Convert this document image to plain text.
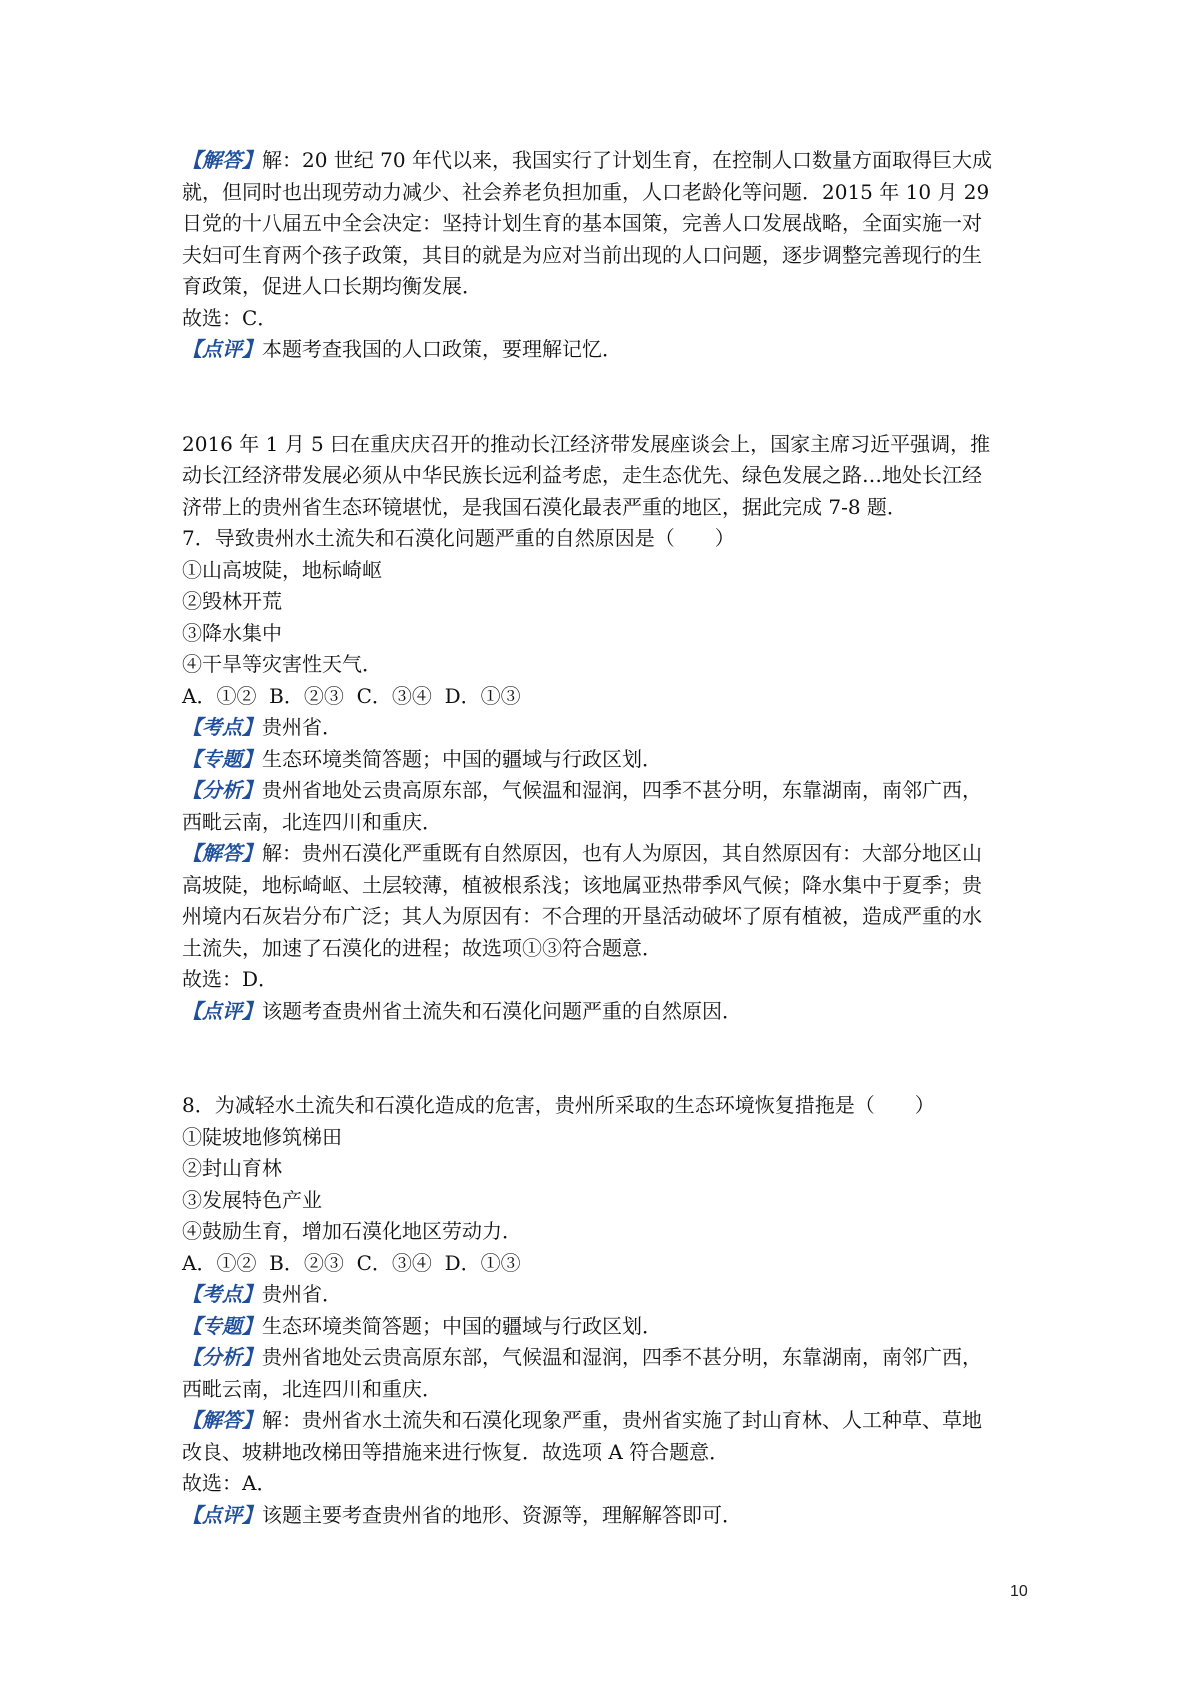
【解答】解：20 世纪 70 年代以来，我国实行了计划生育，在控制人口数量方面取得巨大成
就，但同时也出现劳动力减少、社会养老负担加重，人口老龄化等问题．2015 年 10 月 29
日党的十八届五中全会决定：坚持计划生育的基本国策，完善人口发展战略，全面实施一对
夫妇可生育两个孩子政策，其目的就是为应对当前出现的人口问题，逐步调整完善现行的生
育政策，促进人口长期均衡发展．
故选：C．
【点评】本题考查我国的人口政策，要理解记忆．
2016 年 1 月 5 曰在重庆庆召开的推动长江经济带发展座谈会上，国家主席习近平强调，推
动长江经济带发展必须从中华民族长远利益考虑，走生态优先、绿色发展之路…地处长江经
济带上的贵州省生态环镜堪忧，是我国石漠化最表严重的地区，据此完成 7-8 题．
7．导致贵州水土流失和石漠化问题严重的自然原因是（　　）
①山高坡陡，地标崎岖
②毁林开荒
③降水集中
④干旱等灾害性天气．
A．①②  B．②③  C．③④  D．①③
【考点】贵州省．
【专题】生态环境类简答题；中国的疆域与行政区划．
【分析】贵州省地处云贵高原东部，气候温和湿润，四季不甚分明，东靠湖南，南邻广西，
西毗云南，北连四川和重庆．
【解答】解：贵州石漠化严重既有自然原因，也有人为原因，其自然原因有：大部分地区山
高坡陡，地标崎岖、土层较薄，植被根系浅；该地属亚热带季风气候；降水集中于夏季；贵
州境内石灰岩分布广泛；其人为原因有：不合理的开垦活动破坏了原有植被，造成严重的水
土流失，加速了石漠化的进程；故选项①③符合题意．
故选：D．
【点评】该题考查贵州省土流失和石漠化问题严重的自然原因．
8．为减轻水土流失和石漠化造成的危害，贵州所采取的生态环境恢复措拖是（　　）
①陡坡地修筑梯田
②封山育林
③发展特色产业
④鼓励生育，增加石漠化地区劳动力．
A．①②  B．②③  C．③④  D．①③
【考点】贵州省．
【专题】生态环境类简答题；中国的疆域与行政区划．
【分析】贵州省地处云贵高原东部，气候温和湿润，四季不甚分明，东靠湖南，南邻广西，
西毗云南，北连四川和重庆．
【解答】解：贵州省水土流失和石漠化现象严重，贵州省实施了封山育林、人工种草、草地
改良、坡耕地改梯田等措施来进行恢复．故选项 A 符合题意．
故选：A．
【点评】该题主要考查贵州省的地形、资源等，理解解答即可．
10
